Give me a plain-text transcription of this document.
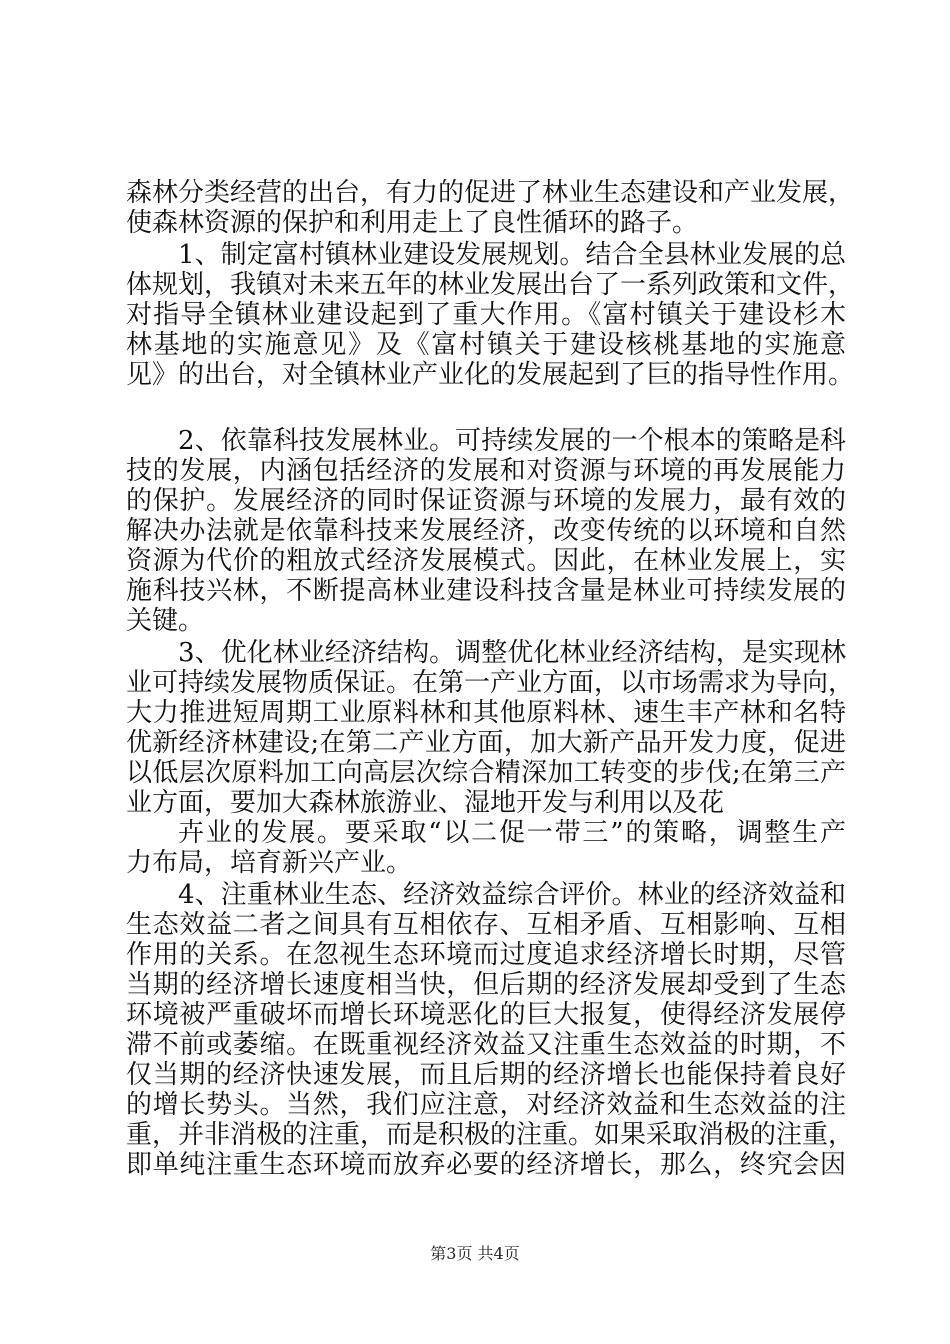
森林分类经营的出台，有力的促进了林业生态建设和产业发展，
使森林资源的保护和利用走上了良性循环的路子。
1、制定富村镇林业建设发展规划。结合全县林业发展的总
体规划，我镇对未来五年的林业发展出台了一系列政策和文件，
对指导全镇林业建设起到了重大作用。《富村镇关于建设杉木
林基地的实施意见》及《富村镇关于建设核桃基地的实施意
见》的出台，对全镇林业产业化的发展起到了巨的指导性作用。
2、依靠科技发展林业。可持续发展的一个根本的策略是科
技的发展，内涵包括经济的发展和对资源与环境的再发展能力
的保护。发展经济的同时保证资源与环境的发展力，最有效的
解决办法就是依靠科技来发展经济，改变传统的以环境和自然
资源为代价的粗放式经济发展模式。因此，在林业发展上，实
施科技兴林，不断提高林业建设科技含量是林业可持续发展的
关键。
3、优化林业经济结构。调整优化林业经济结构，是实现林
业可持续发展物质保证。在第一产业方面，以市场需求为导向，
大力推进短周期工业原料林和其他原料林、速生丰产林和名特
优新经济林建设;在第二产业方面，加大新产品开发力度，促进
以低层次原料加工向高层次综合精深加工转变的步伐;在第三产
业方面，要加大森林旅游业、湿地开发与利用以及花
卉业的发展。要采取“以二促一带三”的策略，调整生产
力布局，培育新兴产业。
4、注重林业生态、经济效益综合评价。林业的经济效益和
生态效益二者之间具有互相依存、互相矛盾、互相影响、互相
作用的关系。在忽视生态环境而过度追求经济增长时期，尽管
当期的经济增长速度相当快，但后期的经济发展却受到了生态
环境被严重破坏而增长环境恶化的巨大报复，使得经济发展停
滞不前或萎缩。在既重视经济效益又注重生态效益的时期，不
仅当期的经济快速发展，而且后期的经济增长也能保持着良好
的增长势头。当然，我们应注意，对经济效益和生态效益的注
重，并非消极的注重，而是积极的注重。如果采取消极的注重，
即单纯注重生态环境而放弃必要的经济增长，那么，终究会因
第3页 共4页
